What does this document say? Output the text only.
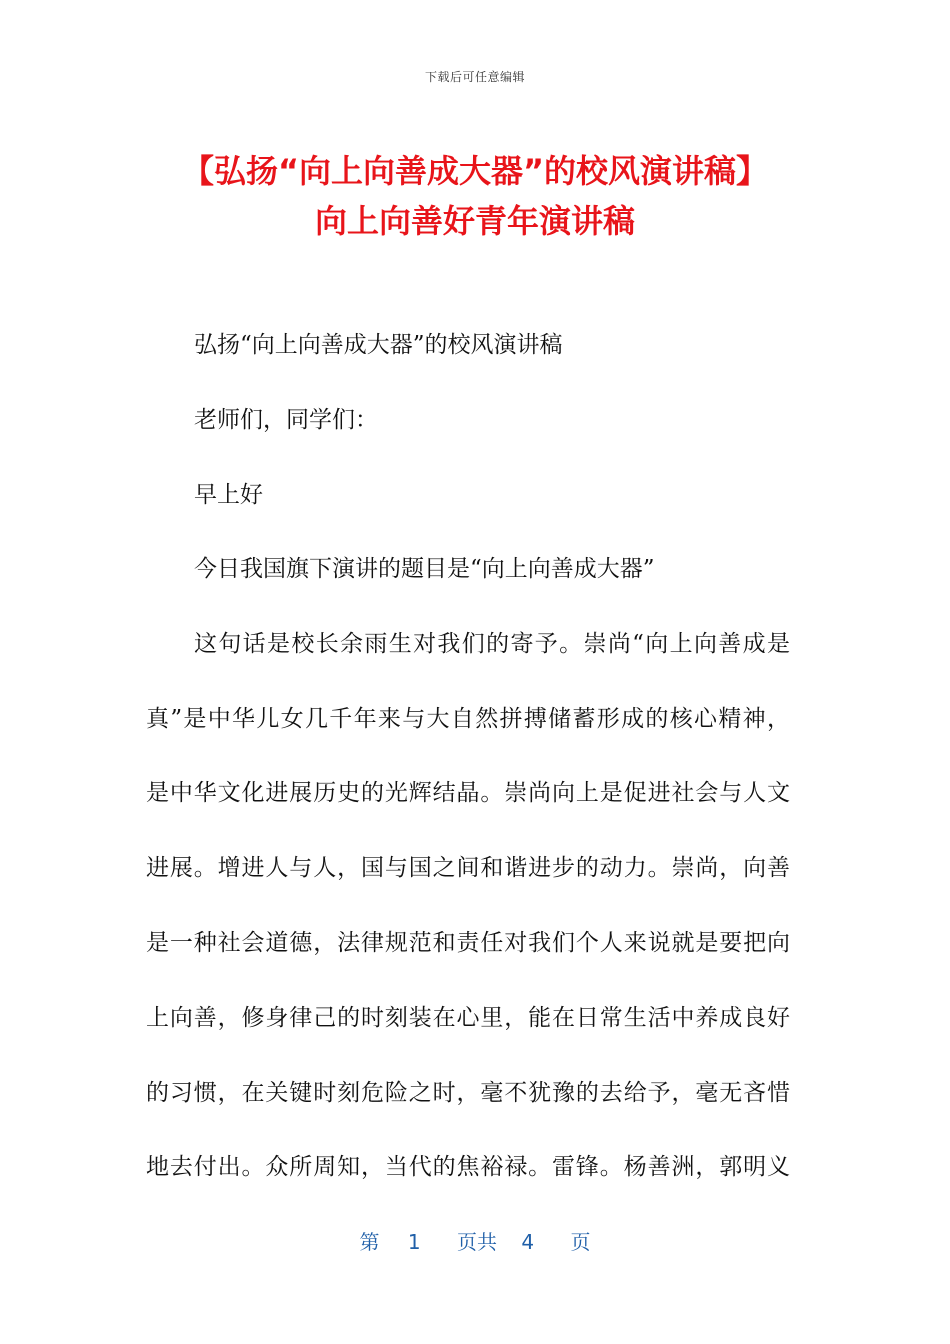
下载后可任意编辑
【弘扬“向上向善成大器”的校风演讲稿】
向上向善好青年演讲稿
弘扬“向上向善成大器”的校风演讲稿
老师们，同学们：
早上好
今日我国旗下演讲的题目是“向上向善成大器”
这句话是校长余雨生对我们的寄予。崇尚“向上向善成是
真”是中华儿女几千年来与大自然拼搏储蓄形成的核心精神，
是中华文化进展历史的光辉结晶。崇尚向上是促进社会与人文
进展。增进人与人，国与国之间和谐进步的动力。崇尚，向善
是一种社会道德，法律规范和责任对我们个人来说就是要把向
上向善，修身律己的时刻装在心里，能在日常生活中养成良好
的习惯，在关键时刻危险之时，毫不犹豫的去给予，毫无吝惜
地去付出。众所周知，当代的焦裕禄。雷锋。杨善洲，郭明义
第 1 页共 4 页
